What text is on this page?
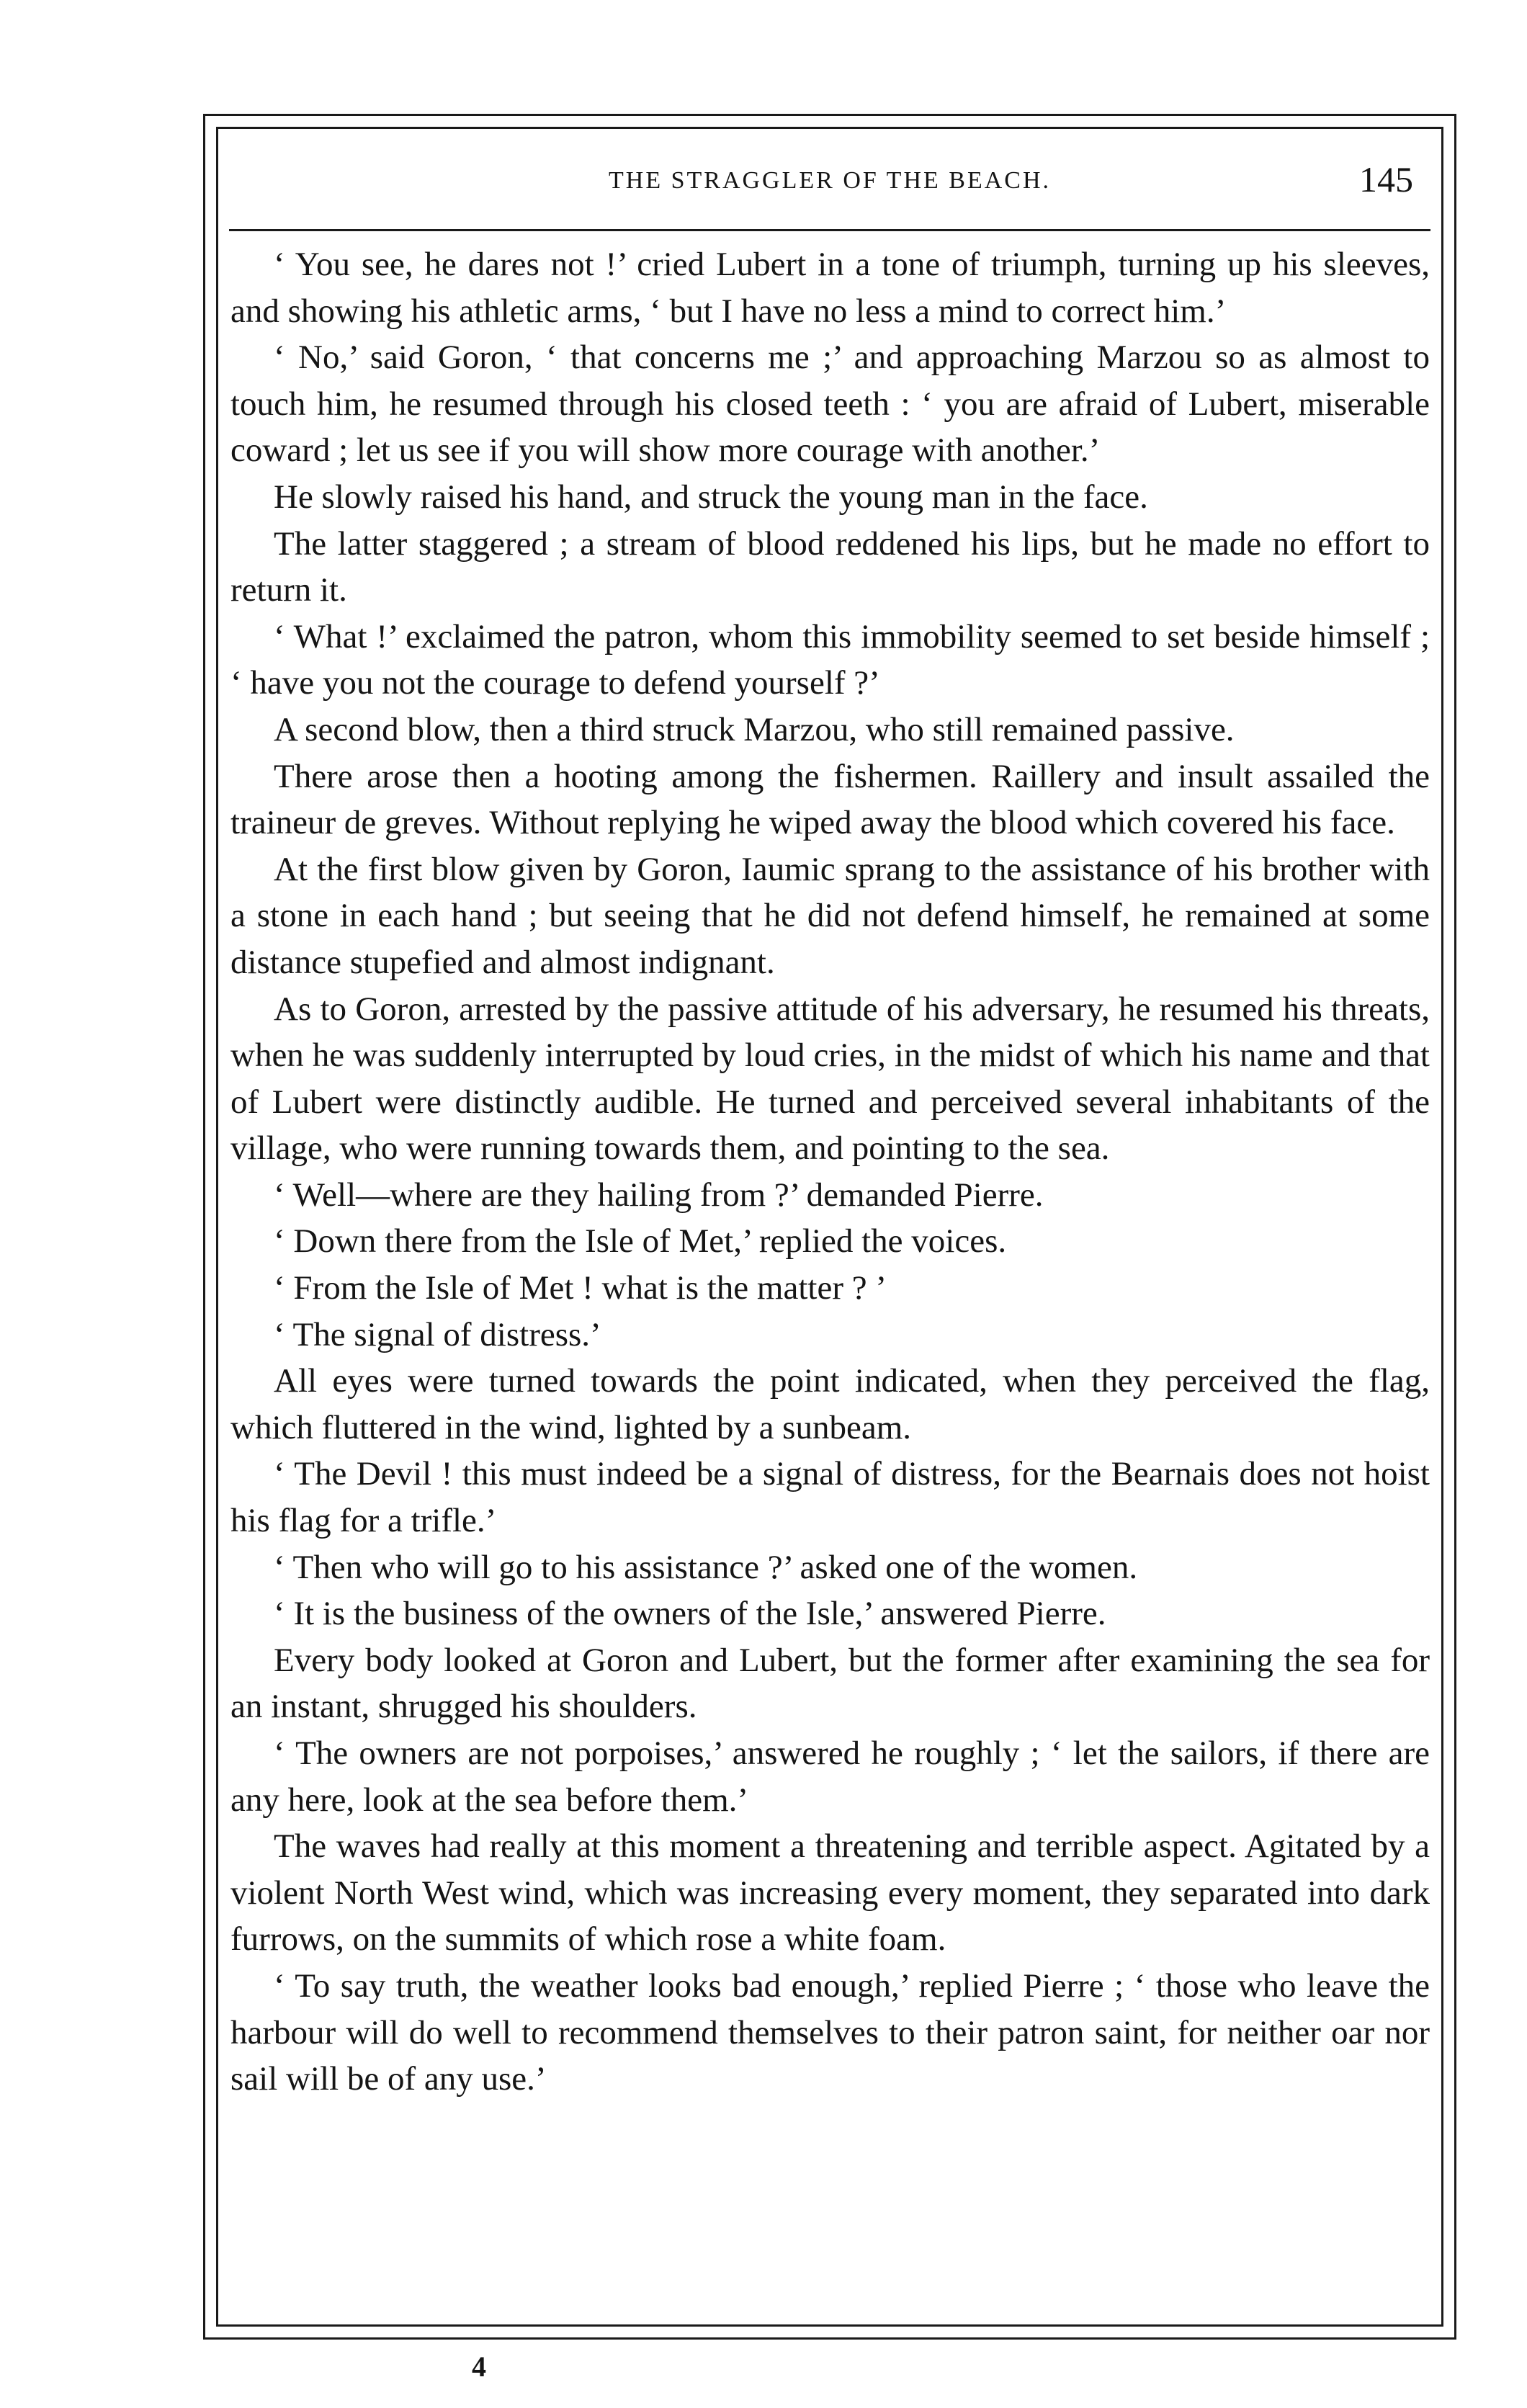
THE STRAGGLER OF THE BEACH.	145

‘ You see, he dares not !’ cried Lubert in a tone of triumph, turning up his sleeves, and showing his athletic arms, ‘ but I have no less a mind to correct him.’

‘ No,’ said Goron, ‘ that concerns me ;’ and approaching Marzou so as almost to touch him, he resumed through his closed teeth : ‘ you are afraid of Lubert, miserable coward ; let us see if you will show more courage with another.’

He slowly raised his hand, and struck the young man in the face.

The latter staggered ; a stream of blood reddened his lips, but he made no effort to return it.

‘ What !’ exclaimed the patron, whom this immobility seemed to set beside himself ; ‘ have you not the courage to defend yourself ?’

A second blow, then a third struck Marzou, who still remained passive.

There arose then a hooting among the fishermen. Raillery and insult assailed the traineur de greves. Without replying he wiped away the blood which covered his face.

At the first blow given by Goron, Iaumic sprang to the assistance of his brother with a stone in each hand ; but seeing that he did not defend himself, he remained at some distance stupefied and almost indignant.

As to Goron, arrested by the passive attitude of his adversary, he resumed his threats, when he was suddenly interrupted by loud cries, in the midst of which his name and that of Lubert were distinctly audible. He turned and perceived several inhabitants of the village, who were running towards them, and pointing to the sea.

‘ Well—where are they hailing from ?’ demanded Pierre.

‘ Down there from the Isle of Met,’ replied the voices.

‘ From the Isle of Met ! what is the matter ? ’

‘ The signal of distress.’

All eyes were turned towards the point indicated, when they perceived the flag, which fluttered in the wind, lighted by a sunbeam.

‘ The Devil ! this must indeed be a signal of distress, for the Bearnais does not hoist his flag for a trifle.’

‘ Then who will go to his assistance ?’ asked one of the women.

‘ It is the business of the owners of the Isle,’ answered Pierre.

Every body looked at Goron and Lubert, but the former after examining the sea for an instant, shrugged his shoulders.

‘ The owners are not porpoises,’ answered he roughly ; ‘ let the sailors, if there are any here, look at the sea before them.’

The waves had really at this moment a threatening and terrible aspect. Agitated by a violent North West wind, which was increasing every moment, they separated into dark furrows, on the summits of which rose a white foam.

‘ To say truth, the weather looks bad enough,’ replied Pierre ; ‘ those who leave the harbour will do well to recommend themselves to their patron saint, for neither oar nor sail will be of any use.’

4
